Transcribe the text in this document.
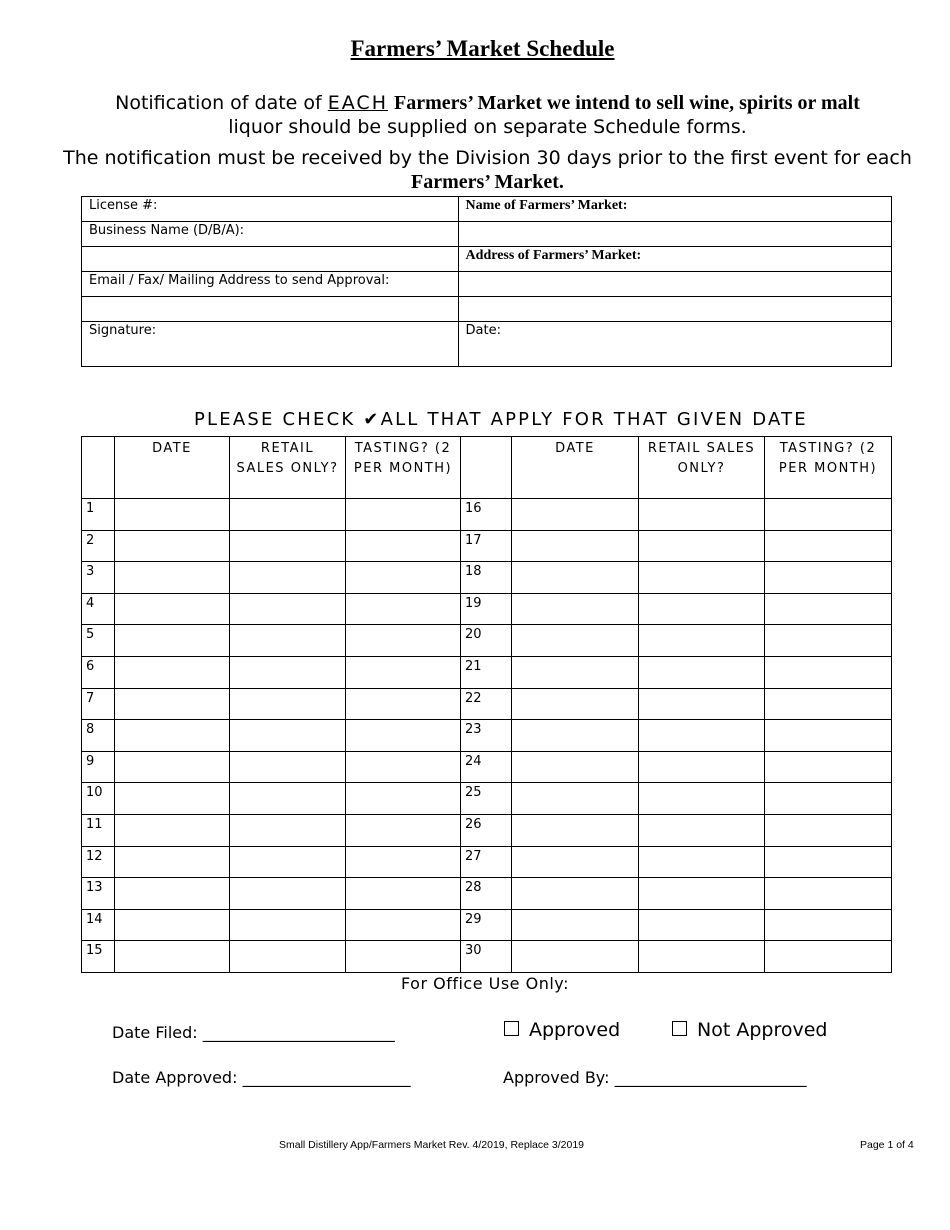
Farmers’ Market Schedule
Notification of date of EACH Farmers’ Market we intend to sell wine, spirits or malt
liquor should be supplied on separate Schedule forms.
The notification must be received by the Division 30 days prior to the first event for each
Farmers’ Market.
License #:	Name of Farmers’ Market:
Business Name (D/B/A):	
	Address of Farmers’ Market:
Email / Fax/ Mailing Address to send Approval:	

Signature:	Date:
PLEASE CHECK ✔ALL THAT APPLY FOR THAT GIVEN DATE
	DATE	RETAIL SALES ONLY?	TASTING? (2 PER MONTH)		DATE	RETAIL SALES ONLY?	TASTING? (2 PER MONTH)
1				16			
2				17			
3				18			
4				19			
5				20			
6				21			
7				22			
8				23			
9				24			
10				25			
11				26			
12				27			
13				28			
14				29			
15				30			
For Office Use Only:
Date Filed: ________________________	Approved	Not Approved
Date Approved: _____________________	Approved By: ________________________
Small Distillery App/Farmers Market Rev. 4/2019, Replace 3/2019	Page 1 of 4
